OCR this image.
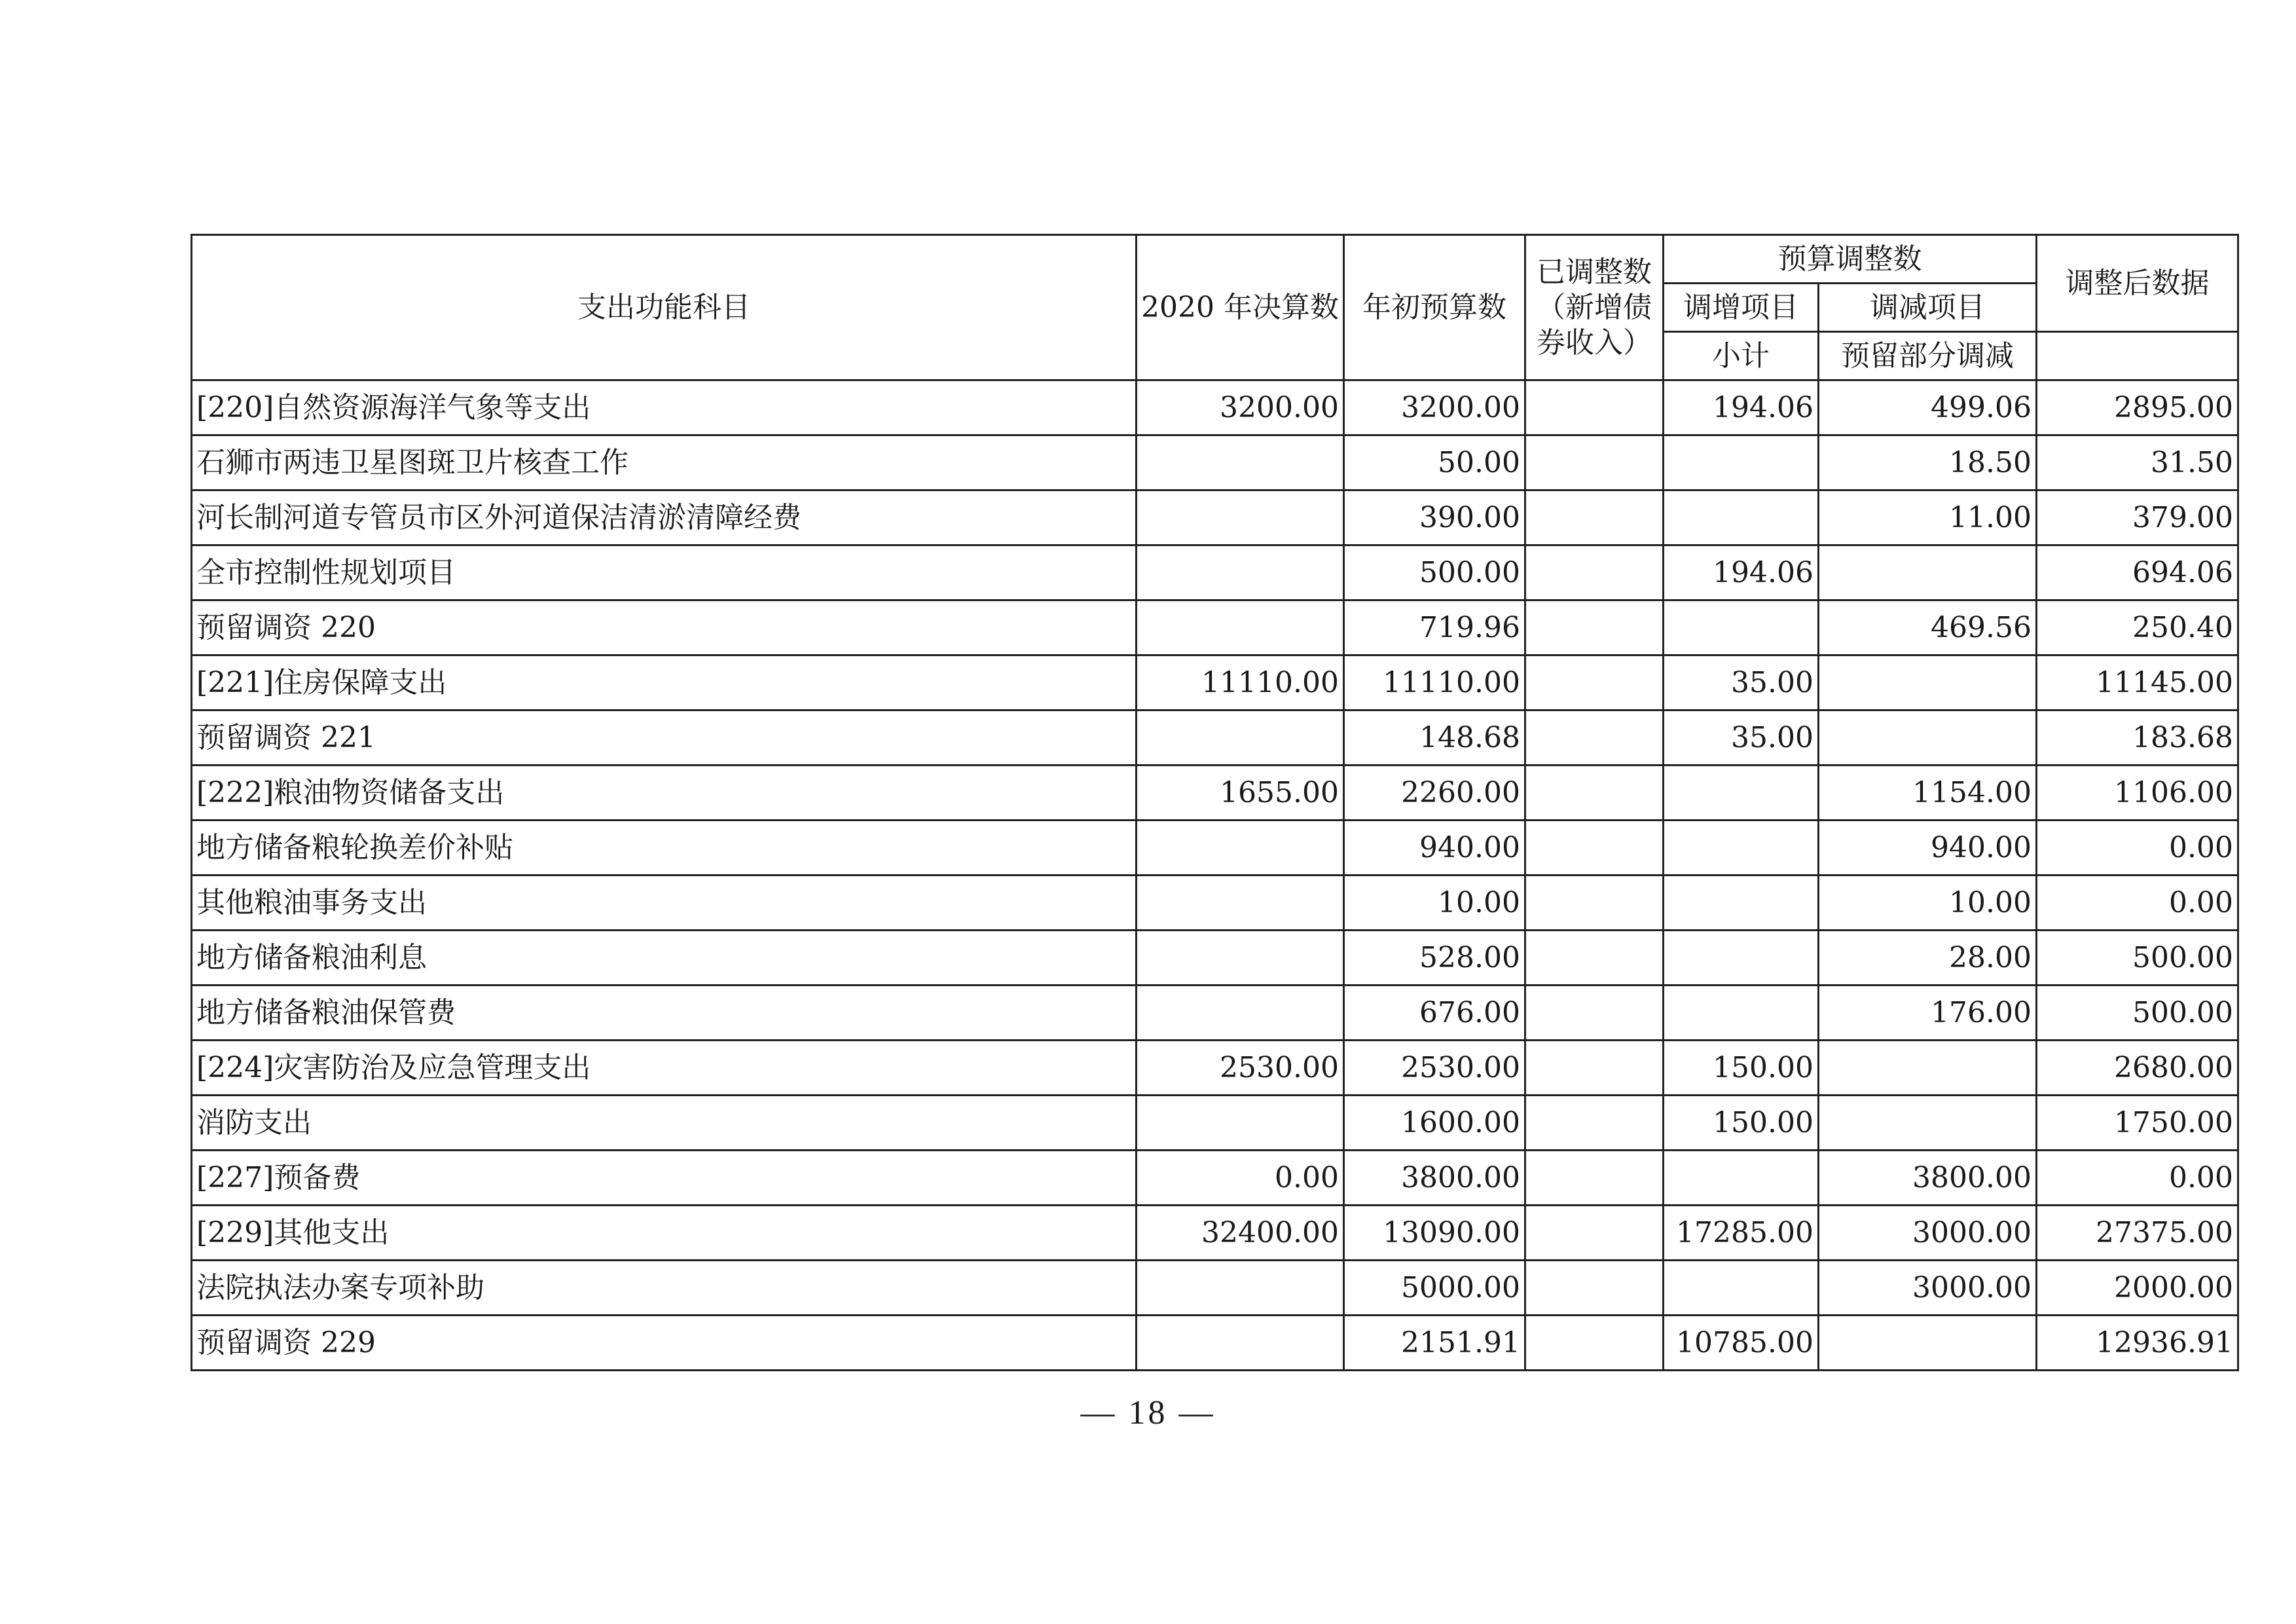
支出功能科目	2020 年决算数	年初预算数	已调整数
（新增债
券收入）	预算调整数		调整后数据
				调增项目	调减项目	
				小计	预留部分调减	
[220]自然资源海洋气象等支出	3200.00	3200.00		194.06	499.06	2895.00
石狮市两违卫星图斑卫片核查工作		50.00			18.50	31.50
河长制河道专管员市区外河道保洁清淤清障经费		390.00			11.00	379.00
全市控制性规划项目		500.00		194.06		694.06
预留调资 220		719.96			469.56	250.40
[221]住房保障支出	11110.00	11110.00		35.00		11145.00
预留调资 221		148.68		35.00		183.68
[222]粮油物资储备支出	1655.00	2260.00			1154.00	1106.00
地方储备粮轮换差价补贴		940.00			940.00	0.00
其他粮油事务支出		10.00			10.00	0.00
地方储备粮油利息		528.00			28.00	500.00
地方储备粮油保管费		676.00			176.00	500.00
[224]灾害防治及应急管理支出	2530.00	2530.00		150.00		2680.00
消防支出		1600.00		150.00		1750.00
[227]预备费	0.00	3800.00			3800.00	0.00
[229]其他支出	32400.00	13090.00		17285.00	3000.00	27375.00
法院执法办案专项补助		5000.00			3000.00	2000.00
预留调资 229		2151.91		10785.00		12936.91
— 18 —
